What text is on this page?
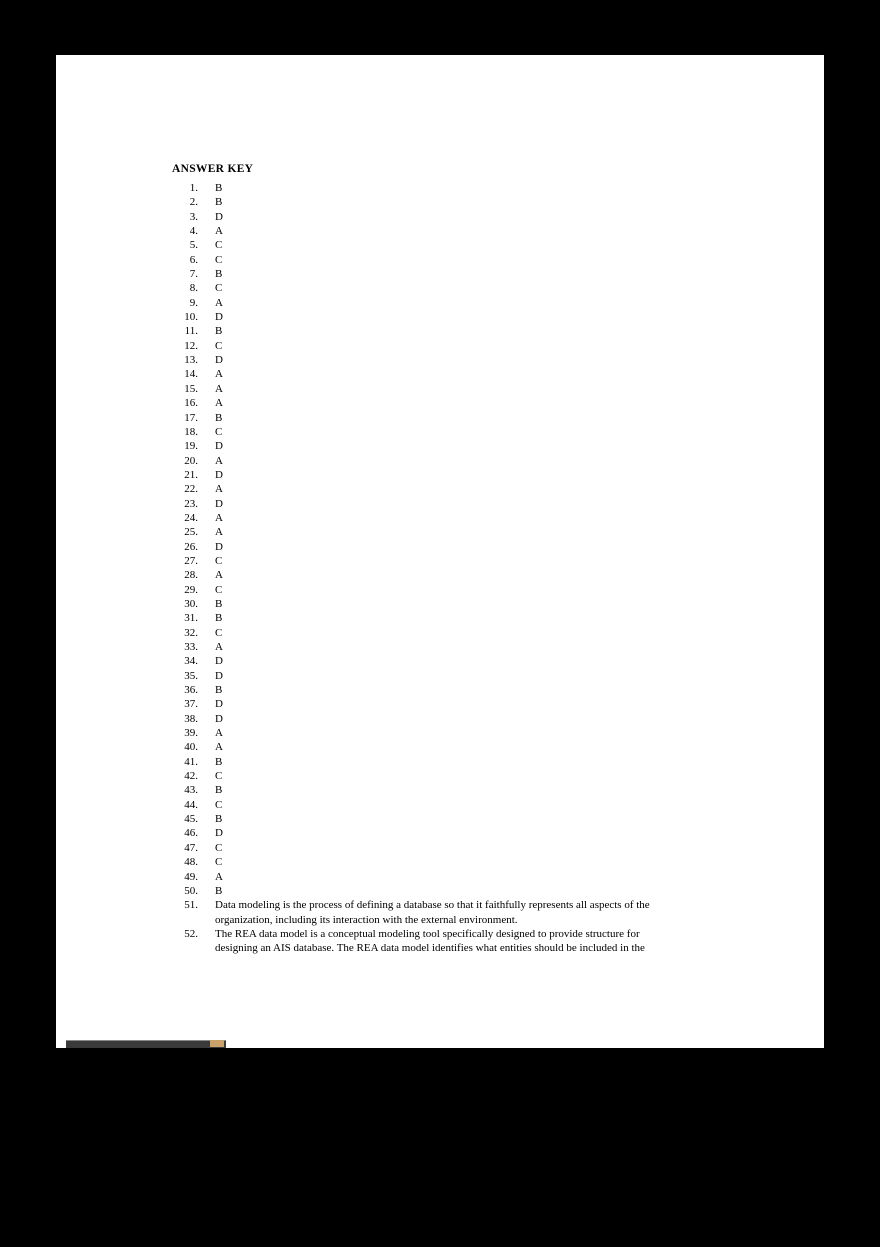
ANSWER KEY
1.	B
2.	B
3.	D
4.	A
5.	C
6.	C
7.	B
8.	C
9.	A
10.	D
11.	B
12.	C
13.	D
14.	A
15.	A
16.	A
17.	B
18.	C
19.	D
20.	A
21.	D
22.	A
23.	D
24.	A
25.	A
26.	D
27.	C
28.	A
29.	C
30.	B
31.	B
32.	C
33.	A
34.	D
35.	D
36.	B
37.	D
38.	D
39.	A
40.	A
41.	B
42.	C
43.	B
44.	C
45.	B
46.	D
47.	C
48.	C
49.	A
50.	B
51.	Data modeling is the process of defining a database so that it faithfully represents all aspects of the

organization, including its interaction with the external environment.

52.	The REA data model is a conceptual modeling tool specifically designed to provide structure for

designing an AIS database. The REA data model identifies what entities should be included in the
